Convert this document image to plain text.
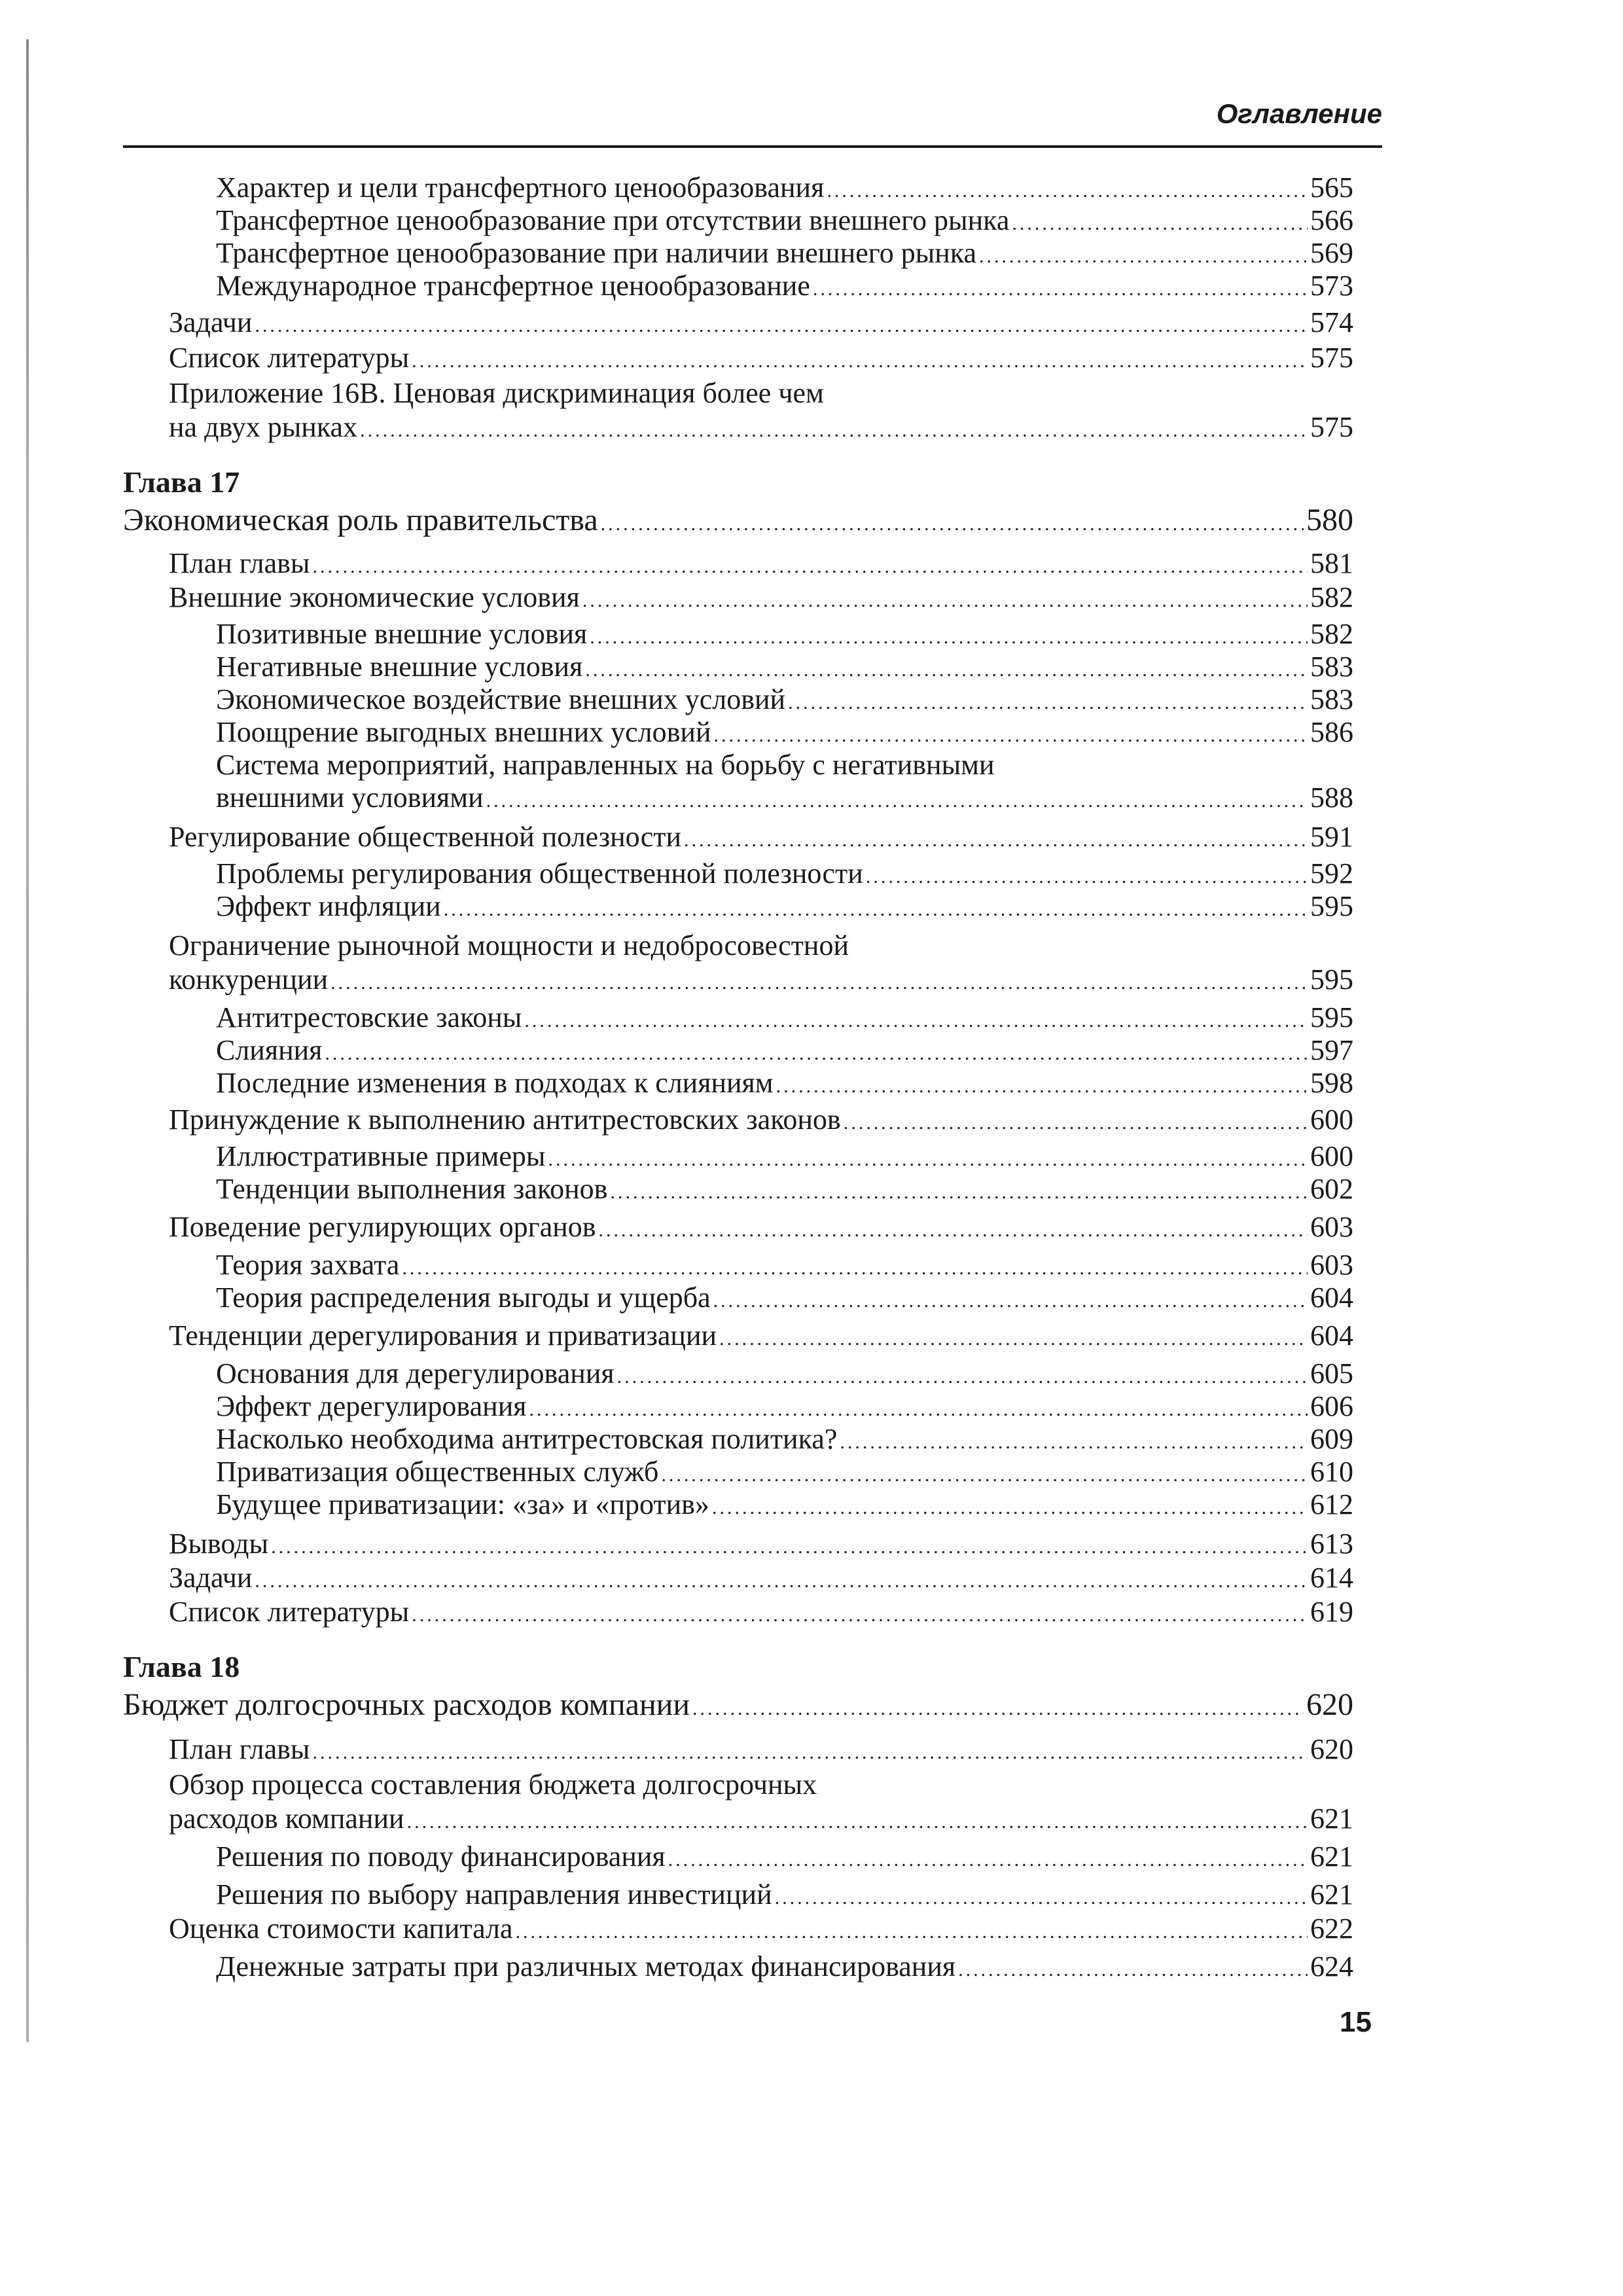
Оглавление
Характер и цели трансфертного ценообразования .....	565
Трансфертное ценообразование при отсутствии внешнего рынка .....	566
Трансфертное ценообразование при наличии внешнего рынка .....	569
Международное трансфертное ценообразование .....	573
Задачи .....	574
Список литературы .....	575
Приложение 16В. Ценовая дискриминация более чем
на двух рынках .....	575
Глава 17
Экономическая роль правительства .....	580
План главы .....	581
Внешние экономические условия .....	582
Позитивные внешние условия .....	582
Негативные внешние условия .....	583
Экономическое воздействие внешних условий .....	583
Поощрение выгодных внешних условий .....	586
Система мероприятий, направленных на борьбу с негативными
внешними условиями .....	588
Регулирование общественной полезности .....	591
Проблемы регулирования общественной полезности .....	592
Эффект инфляции .....	595
Ограничение рыночной мощности и недобросовестной
конкуренции .....	595
Антитрестовские законы .....	595
Слияния .....	597
Последние изменения в подходах к слияниям .....	598
Принуждение к выполнению антитрестовских законов .....	600
Иллюстративные примеры .....	600
Тенденции выполнения законов .....	602
Поведение регулирующих органов .....	603
Теория захвата .....	603
Теория распределения выгоды и ущерба .....	604
Тенденции дерегулирования и приватизации .....	604
Основания для дерегулирования .....	605
Эффект дерегулирования .....	606
Насколько необходима антитрестовская политика? .....	609
Приватизация общественных служб .....	610
Будущее приватизации: «за» и «против» .....	612
Выводы .....	613
Задачи .....	614
Список литературы .....	619
Глава 18
Бюджет долгосрочных расходов компании .....	620
План главы .....	620
Обзор процесса составления бюджета долгосрочных
расходов компании .....	621
Решения по поводу финансирования .....	621
Решения по выбору направления инвестиций .....	621
Оценка стоимости капитала .....	622
Денежные затраты при различных методах финансирования .....	624
15
